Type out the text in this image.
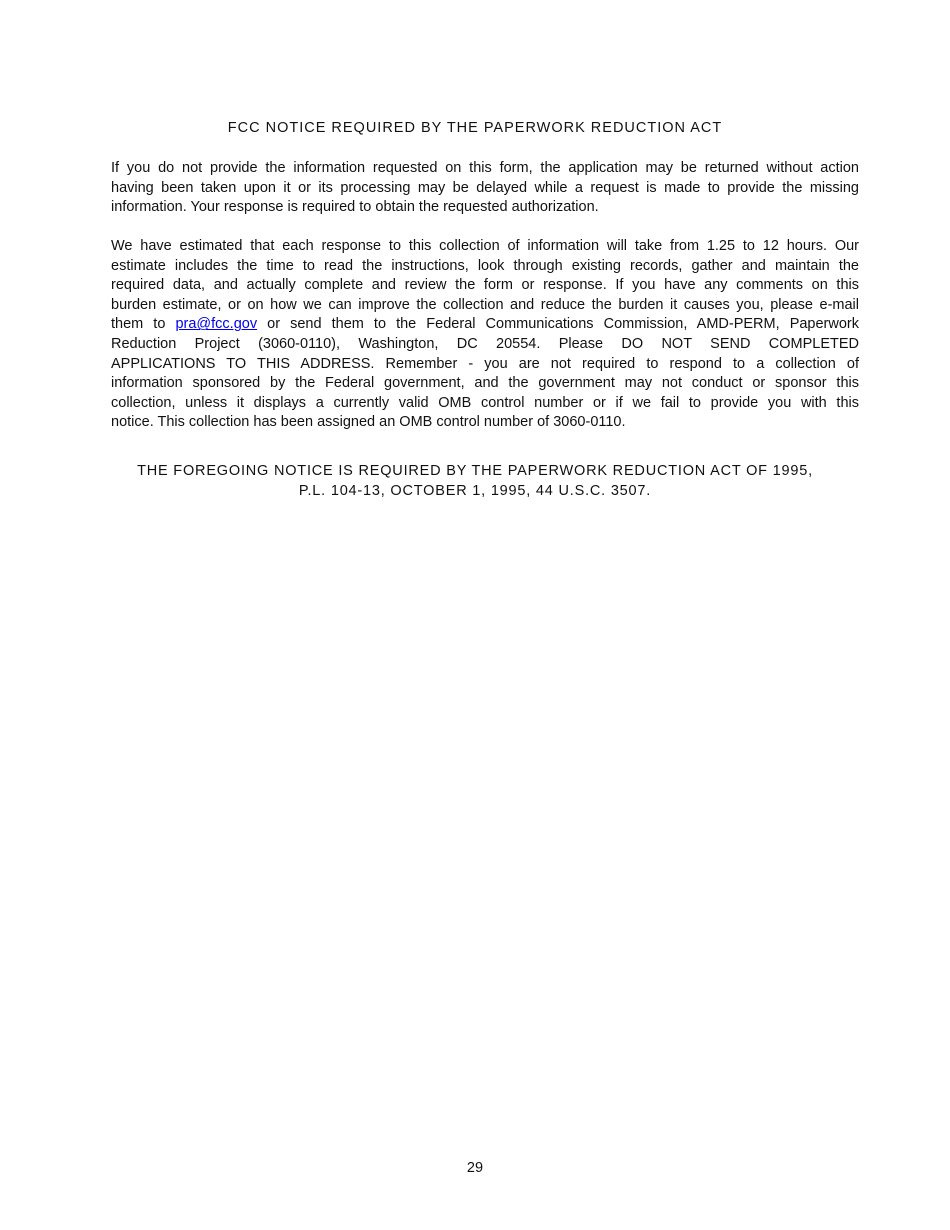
FCC NOTICE REQUIRED BY THE PAPERWORK REDUCTION ACT
If you do not provide the information requested on this form, the application may be returned without action
having been taken upon it or its processing may be delayed while a request is made to provide the missing
information. Your response is required to obtain the requested authorization.
We have estimated that each response to this collection of information will take from 1.25 to 12 hours. Our
estimate includes the time to read the instructions, look through existing records, gather and maintain the
required data, and actually complete and review the form or response. If you have any comments on this
burden estimate, or on how we can improve the collection and reduce the burden it causes you, please e-mail
them to pra@fcc.gov or send them to the Federal Communications Commission, AMD-PERM, Paperwork
Reduction Project (3060-0110), Washington, DC 20554. Please DO NOT SEND COMPLETED
APPLICATIONS TO THIS ADDRESS. Remember - you are not required to respond to a collection of
information sponsored by the Federal government, and the government may not conduct or sponsor this
collection, unless it displays a currently valid OMB control number or if we fail to provide you with this
notice. This collection has been assigned an OMB control number of 3060-0110.
THE FOREGOING NOTICE IS REQUIRED BY THE PAPERWORK REDUCTION ACT OF 1995,
P.L. 104-13, OCTOBER 1, 1995, 44 U.S.C. 3507.
29
